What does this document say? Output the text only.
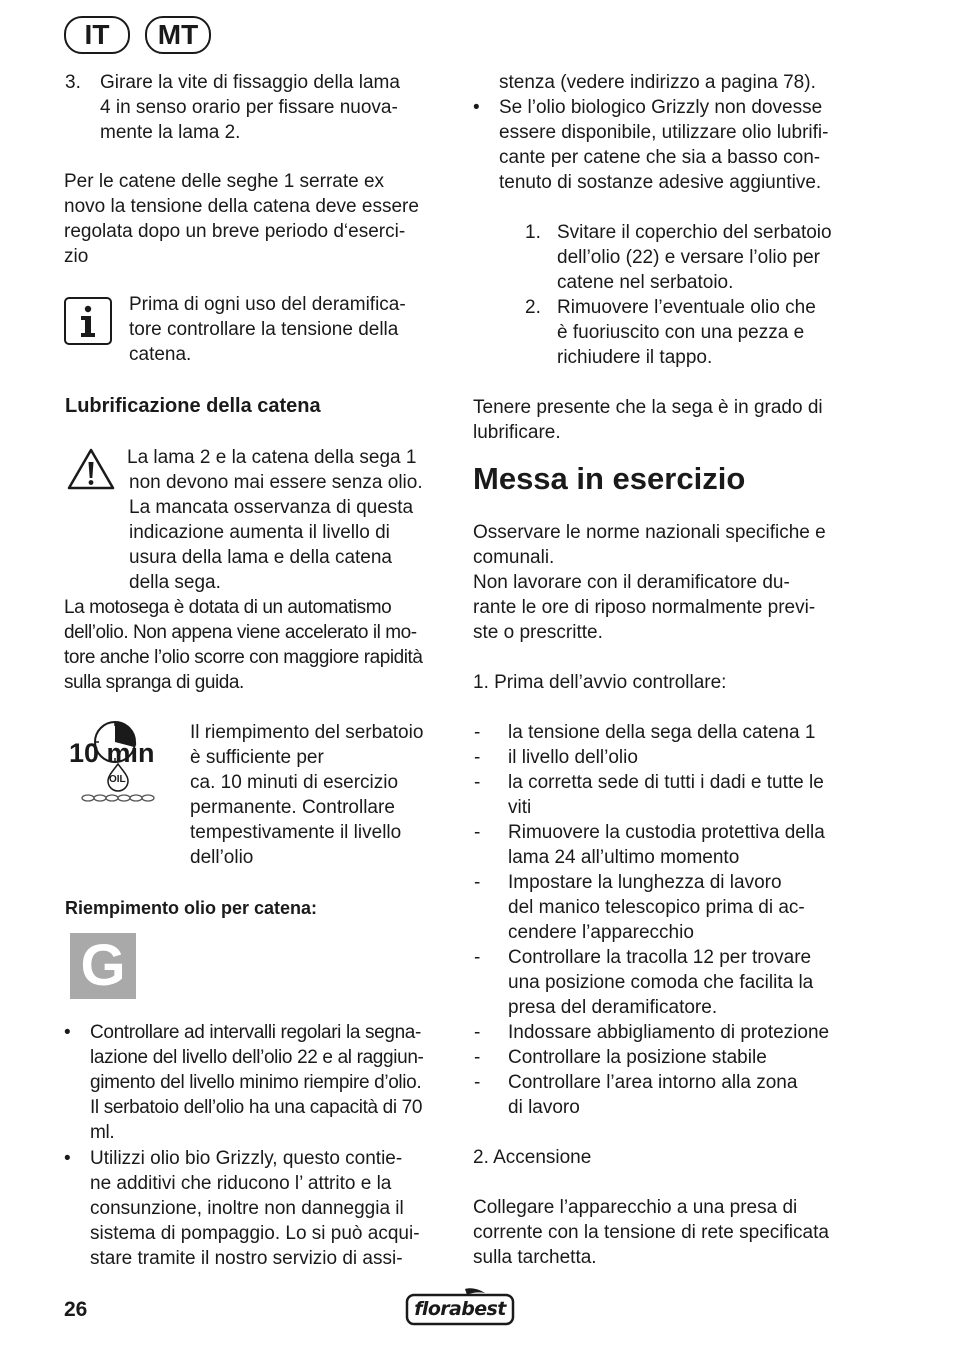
IT	MT
3. Girare la vite di fissaggio della lama
4 in senso orario per fissare nuova-
mente la lama 2.
Per le catene delle seghe 1 serrate ex
novo la tensione della catena deve essere
regolata dopo un breve periodo d‘eserci-
zio
Prima di ogni uso del deramifica-
tore controllare la tensione della
catena.
Lubrificazione della catena
La lama 2 e la catena della sega 1
non devono mai essere senza olio.
La mancata osservanza di questa
indicazione aumenta il livello di
usura della lama e della catena
della sega.
La motosega è dotata di un automatismo
dell’olio. Non appena viene accelerato il mo-
tore anche l’olio scorre con maggiore rapidità
sulla spranga di guida.
10 min
OIL
Il riempimento del serbatoio
è sufficiente per
ca. 10 minuti di esercizio
permanente. Controllare
tempestivamente il livello
dell’olio
Riempimento olio per catena:
G
• Controllare ad intervalli regolari la segna-
lazione del livello dell’olio 22 e al raggiun-
gimento del livello minimo riempire d’olio.
Il serbatoio dell’olio ha una capacità di 70
ml.
• Utilizzi olio bio Grizzly, questo contie-
ne additivi che riducono l’ attrito e la
consunzione, inoltre non danneggia il
sistema di pompaggio. Lo si può acqui-
stare tramite il nostro servizio di assi-
stenza (vedere indirizzo a pagina 78).
• Se l’olio biologico Grizzly non dovesse
essere disponibile, utilizzare olio lubrifi-
cante per catene che sia a basso con-
tenuto di sostanze adesive aggiuntive.
1. Svitare il coperchio del serbatoio
dell’olio (22) e versare l’olio per
catene nel serbatoio.
2. Rimuovere l’eventuale olio che
è fuoriuscito con una pezza e
richiudere il tappo.
Tenere presente che la sega è in grado di
lubrificare.
Messa in esercizio
Osservare le norme nazionali specifiche e
comunali.
Non lavorare con il deramificatore du-
rante le ore di riposo normalmente previ-
ste o prescritte.
1. Prima dell’avvio controllare:
- la tensione della sega della catena 1
- il livello dell’olio
- la corretta sede di tutti i dadi e tutte le
viti
- Rimuovere la custodia protettiva della
lama 24 all’ultimo momento
- Impostare la lunghezza di lavoro
del manico telescopico prima di ac-
cendere l’apparecchio
- Controllare la tracolla 12 per trovare
una posizione comoda che facilita la
presa del deramificatore.
- Indossare abbigliamento di protezione
- Controllare la posizione stabile
- Controllare l’area intorno alla zona
di lavoro
2. Accensione
Collegare l’apparecchio a una presa di
corrente con la tensione di rete specificata
sulla tarchetta.
26	florabest
